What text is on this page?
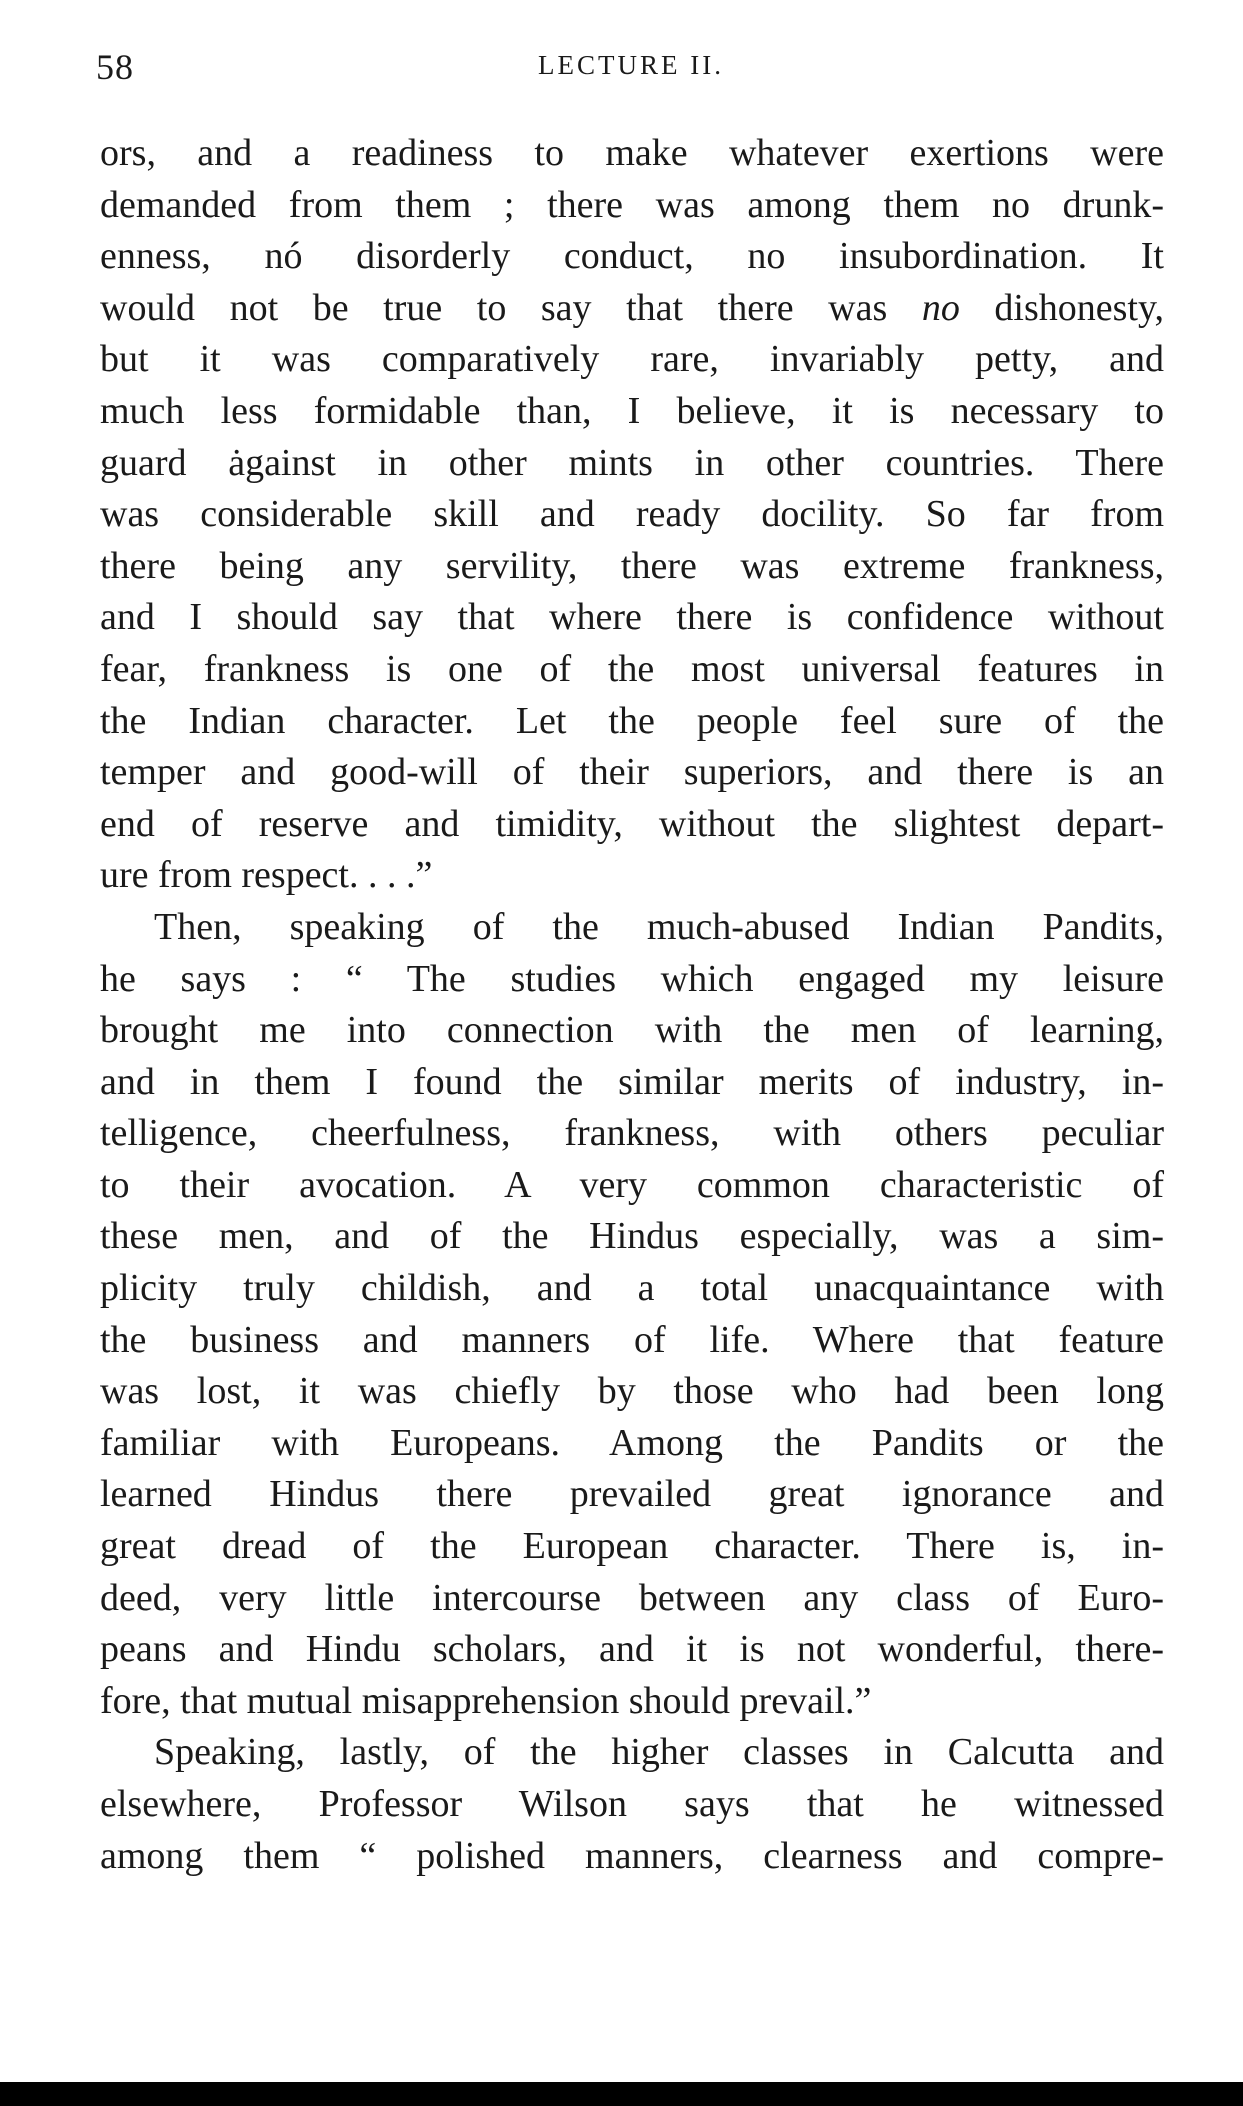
58	LECTURE II.
ors, and a readiness to make whatever exertions were
demanded from them ; there was among them no drunk-
enness, nó disorderly conduct, no insubordination. It
would not be true to say that there was no dishonesty,
but it was comparatively rare, invariably petty, and
much less formidable than, I believe, it is necessary to
guard ȧgainst in other mints in other countries. There
was considerable skill and ready docility. So far from
there being any servility, there was extreme frankness,
and I should say that where there is confidence without
fear, frankness is one of the most universal features in
the Indian character. Let the people feel sure of the
temper and good-will of their superiors, and there is an
end of reserve and timidity, without the slightest depart-
ure from respect. . . .”
Then, speaking of the much-abused Indian Pandits,
he says : “ The studies which engaged my leisure
brought me into connection with the men of learning,
and in them I found the similar merits of industry, in-
telligence, cheerfulness, frankness, with others peculiar
to their avocation. A very common characteristic of
these men, and of the Hindus especially, was a sim-
plicity truly childish, and a total unacquaintance with
the business and manners of life. Where that feature
was lost, it was chiefly by those who had been long
familiar with Europeans. Among the Pandits or the
learned Hindus there prevailed great ignorance and
great dread of the European character. There is, in-
deed, very little intercourse between any class of Euro-
peans and Hindu scholars, and it is not wonderful, there-
fore, that mutual misapprehension should prevail.”
Speaking, lastly, of the higher classes in Calcutta and
elsewhere, Professor Wilson says that he witnessed
among them “ polished manners, clearness and compre-
